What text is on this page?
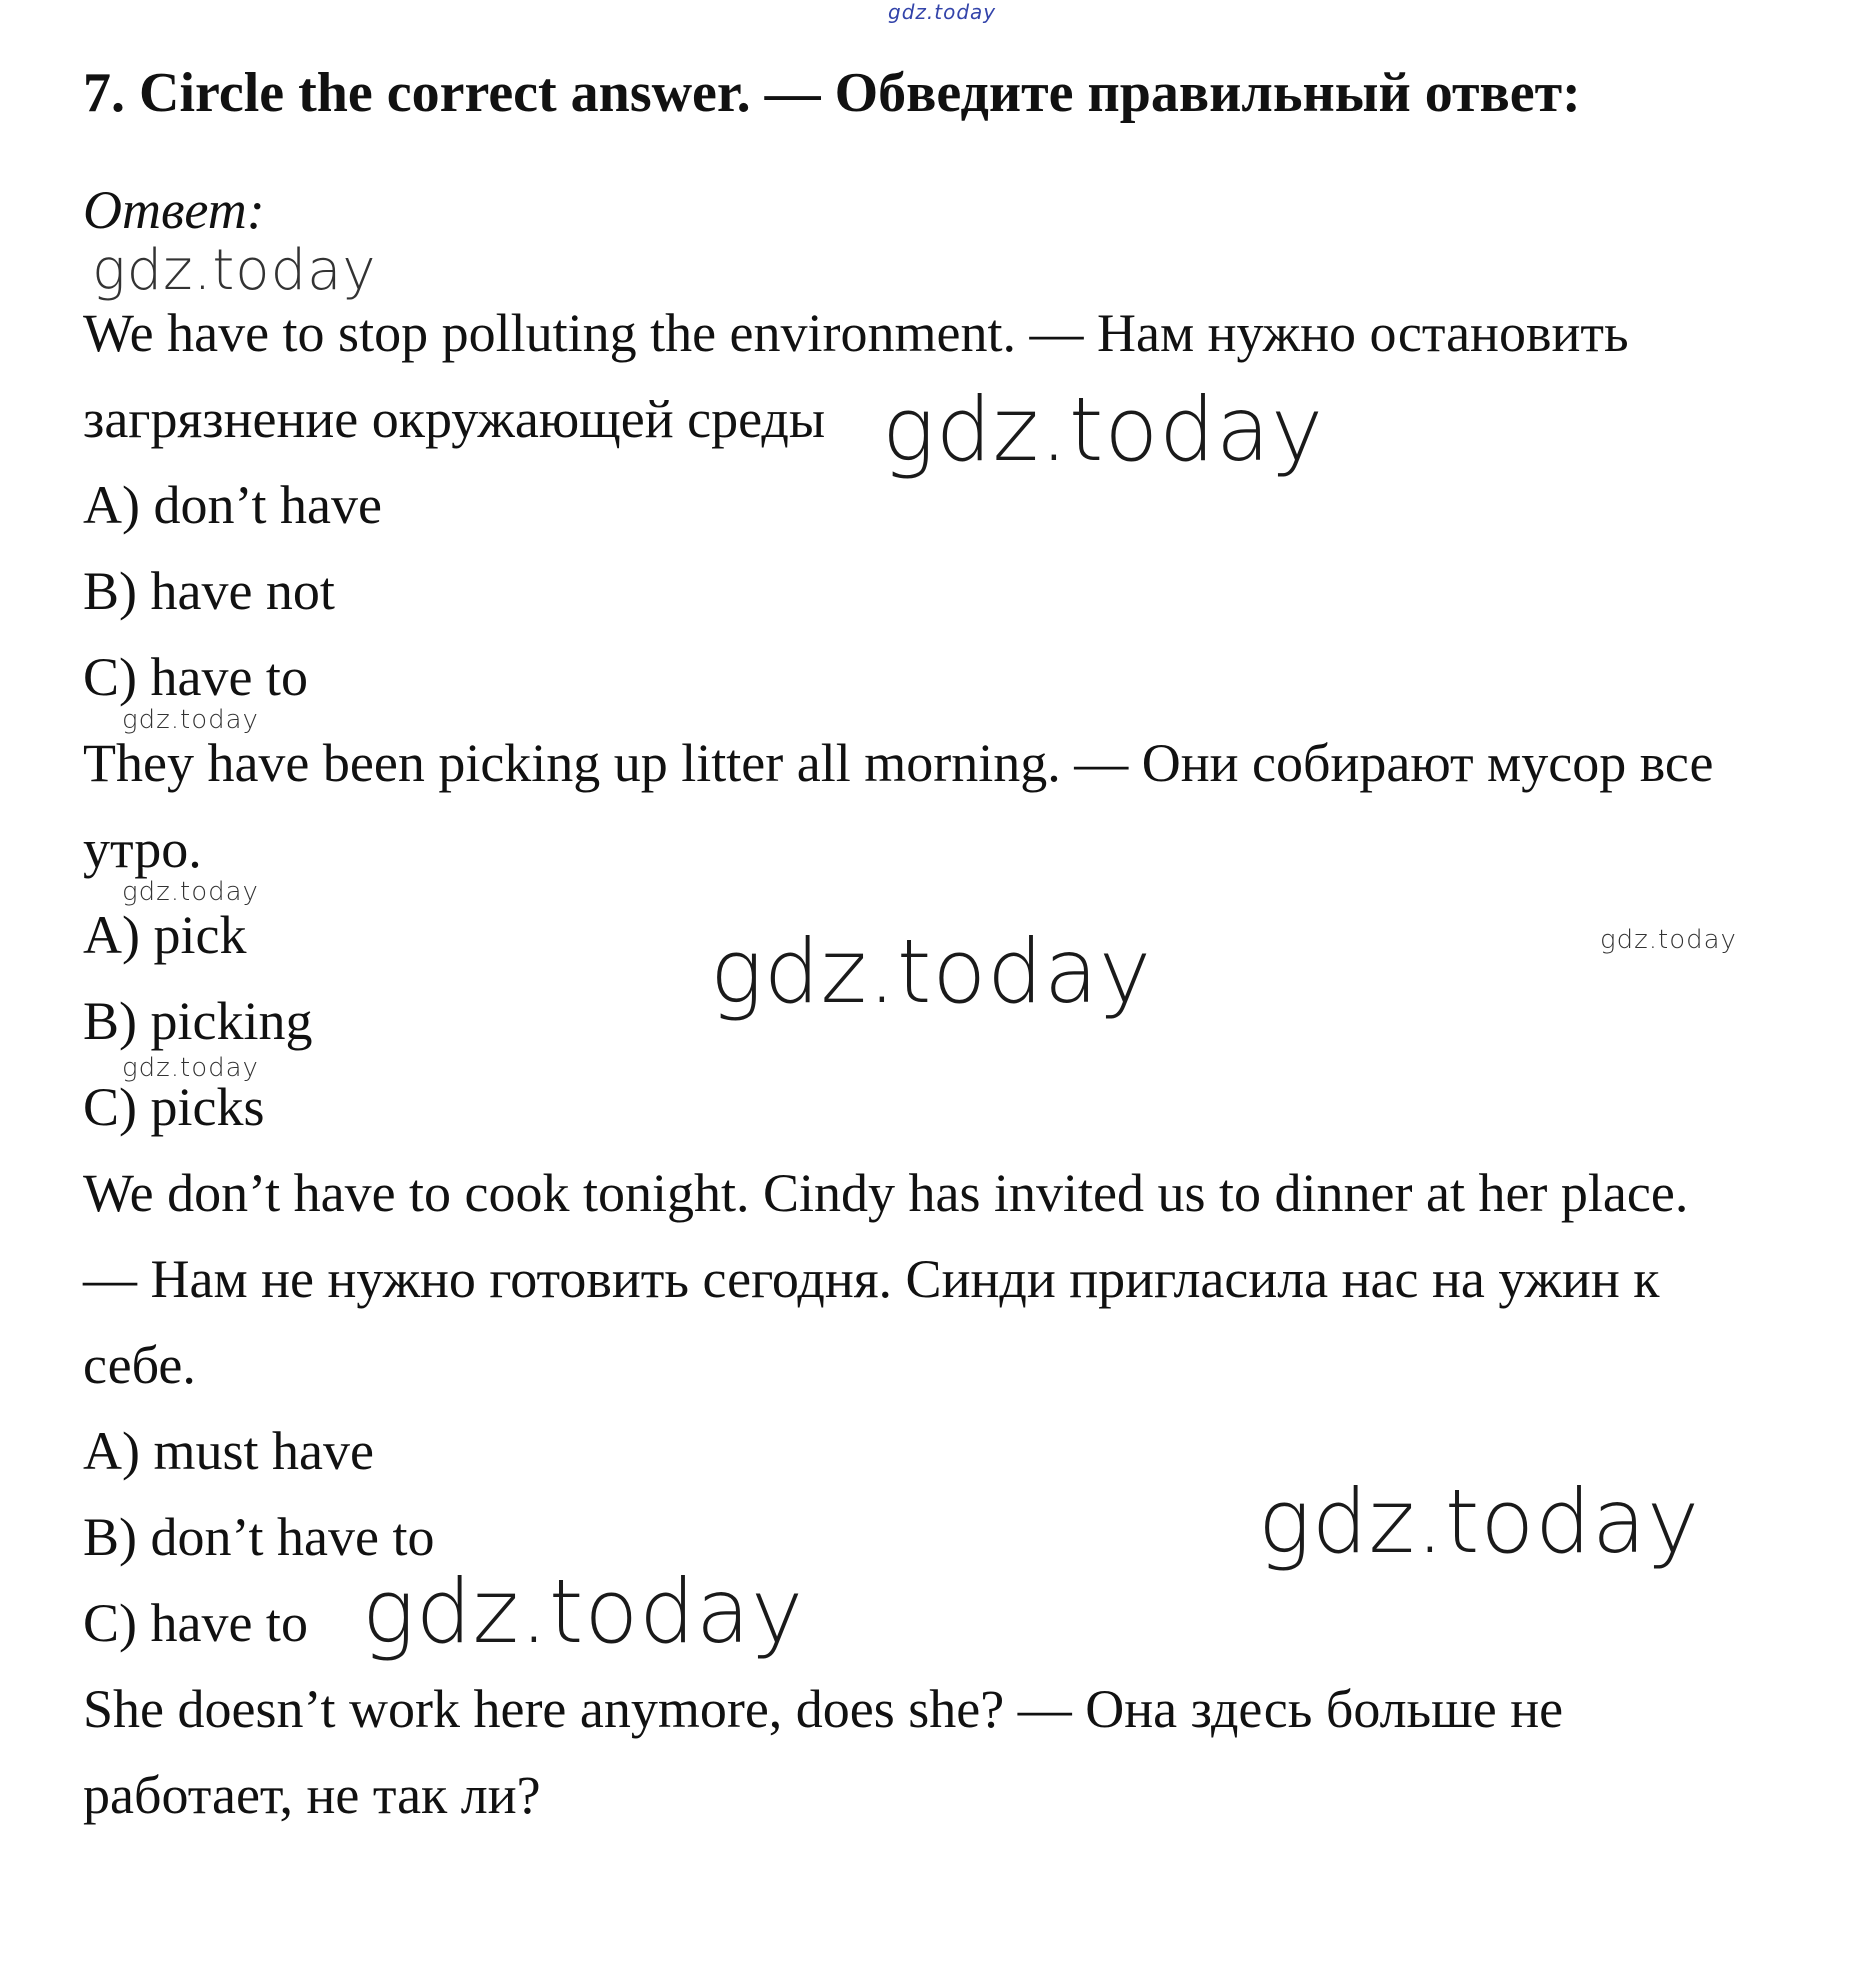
7. Circle the correct answer. — Обведите правильный ответ:
Ответ:
We have to stop polluting the environment. — Нам нужно остановить
загрязнение окружающей среды
A) don’t have
B) have not
C) have to
They have been picking up litter all morning. — Они собирают мусор все
утро.
A) pick
B) picking
C) picks
We don’t have to cook tonight. Cindy has invited us to dinner at her place.
— Нам не нужно готовить сегодня. Синди пригласила нас на ужин к
себе.
A) must have
B) don’t have to
C) have to
She doesn’t work here anymore, does she? — Она здесь больше не
работает, не так ли?
gdz.today
gdz.today
gdz.today
gdz.today
gdz.today
gdz.today	gdz.today
gdz.today
gdz.today
gdz.today
